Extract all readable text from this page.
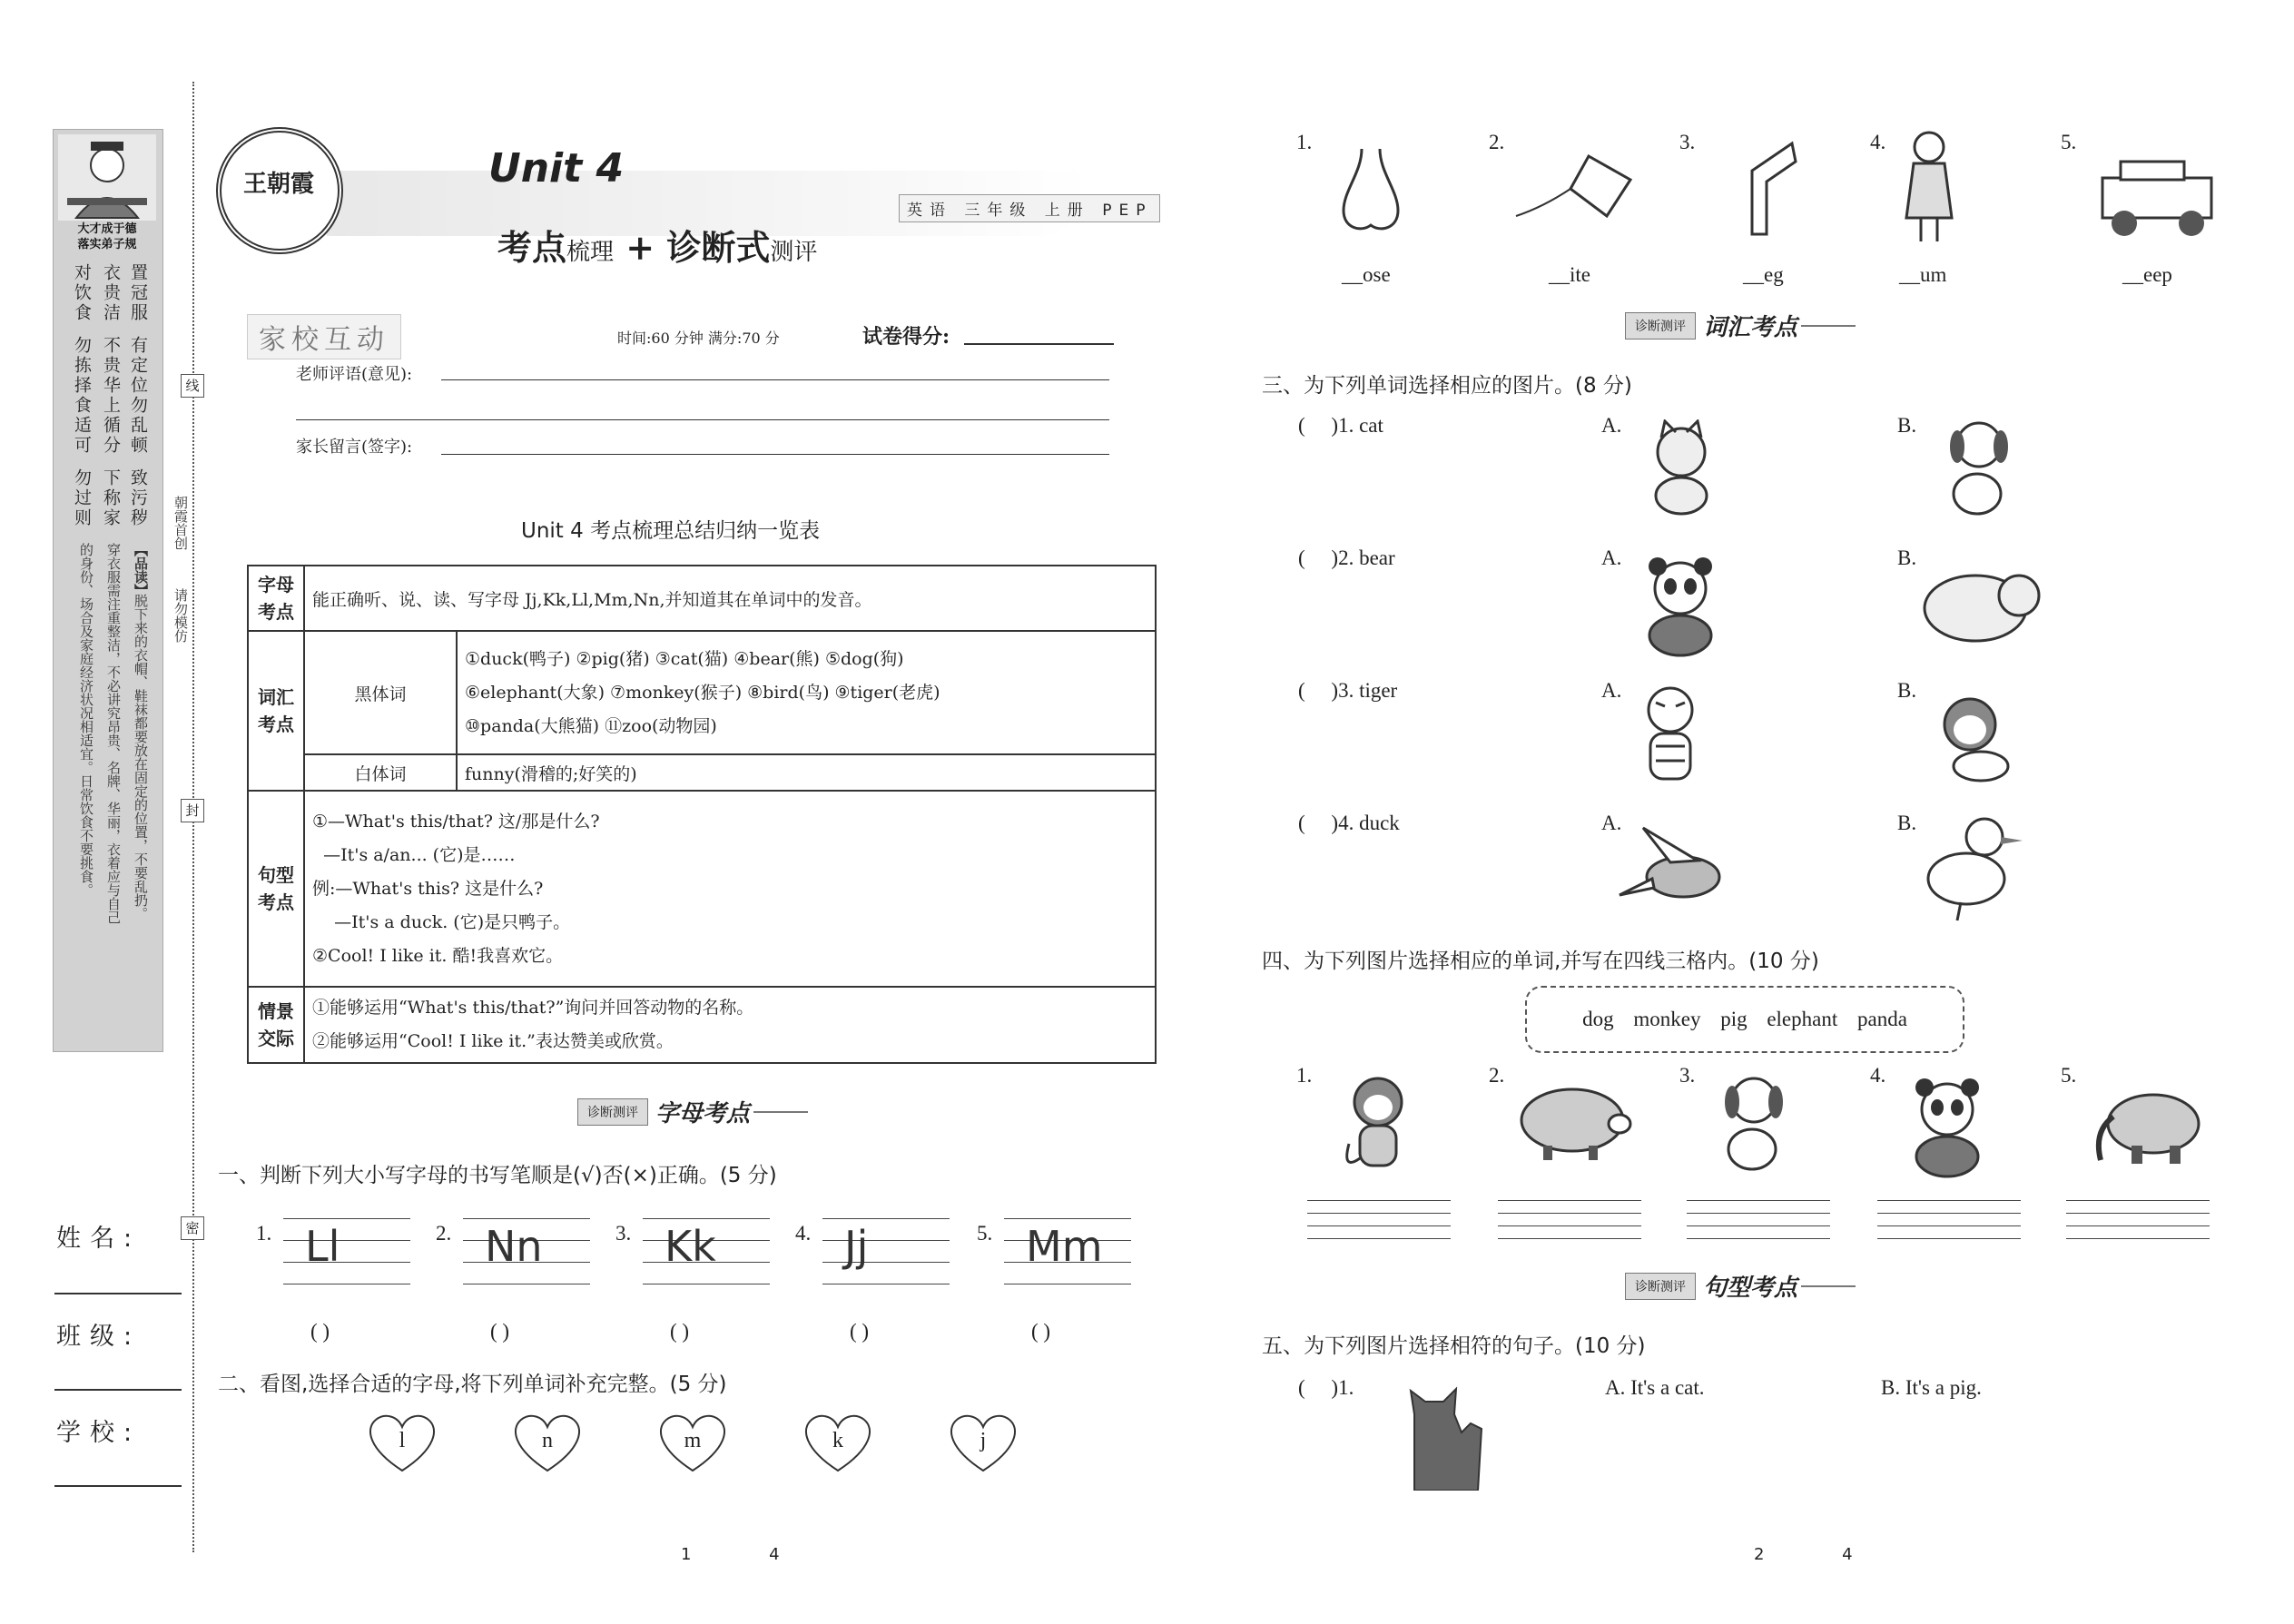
大才成于德
落实弟子规
置冠服
有定位
勿乱顿
致污秽
衣贵洁
不贵华
上循分
下称家
对饮食
勿拣择
食适可
勿过则
【品读】
脱下来的衣帽、鞋袜都要放在固定的位置，不要乱扔。
穿衣服需注重整洁，不必讲究昂贵、名牌、华丽，衣着应与自己
的身份、场合及家庭经济状况相适宜。日常饮食不要挑食。
线
封
密
朝霞首创
请勿模仿
姓名:
班级:
学校:
王朝霞	Unit 4
考点梳理 + 诊断式测评
英语 三年级 上册 PEP
家校互动	时间:60 分钟 满分:70 分	试卷得分:
老师评语(意见):
家长留言(签字):
Unit 4 考点梳理总结归纳一览表
字母考点	能正确听、说、读、写字母 Jj,Kk,Ll,Mm,Nn,并知道其在单词中的发音。	
词汇考点	黑体词	①duck(鸭子) ②pig(猪) ③cat(猫) ④bear(熊) ⑤dog(狗)
⑥elephant(大象) ⑦monkey(猴子) ⑧bird(鸟) ⑨tiger(老虎)
⑩panda(大熊猫) ⑪zoo(动物园)

	白体词	funny(滑稽的;好笑的)
句型考点	①—What's this/that? 这/那是什么?
—It's a/an... (它)是……
例:—What's this? 这是什么?
—It's a duck. (它)是只鸭子。
②Cool! I like it. 酷!我喜欢它。	

情景交际	①能够运用“What's this/that?”询问并回答动物的名称。
②能够运用“Cool! I like it.”表达赞美或欣赏。	
诊断测评 字母考点
一、判断下列大小写字母的书写笔顺是(√)否(×)正确。(5 分)
1. Ll
( )
2. Nn
( )
3. Kk
( )
4. Jj
( )
5. Mm
( )
二、看图,选择合适的字母,将下列单词补充完整。(5 分)
l	n	m	k	j
1 4
1.
__ose
2.
__ite
3.
__eg
4.
__um
5.
__eep
诊断测评 词汇考点
三、为下列单词选择相应的图片。(8 分)
(     )1. cat	A.	B.
(     )2. bear	A.	B.
(     )3. tiger	A.	B.
(     )4. duck	A.	B.
四、为下列图片选择相应的单词,并写在四线三格内。(10 分)
dog monkey pig elephant panda
1.	2.	3.	4.	5.
诊断测评 句型考点
五、为下列图片选择相符的句子。(10 分)
(     )1.	A. It's a cat.	B. It's a pig.
2 4
